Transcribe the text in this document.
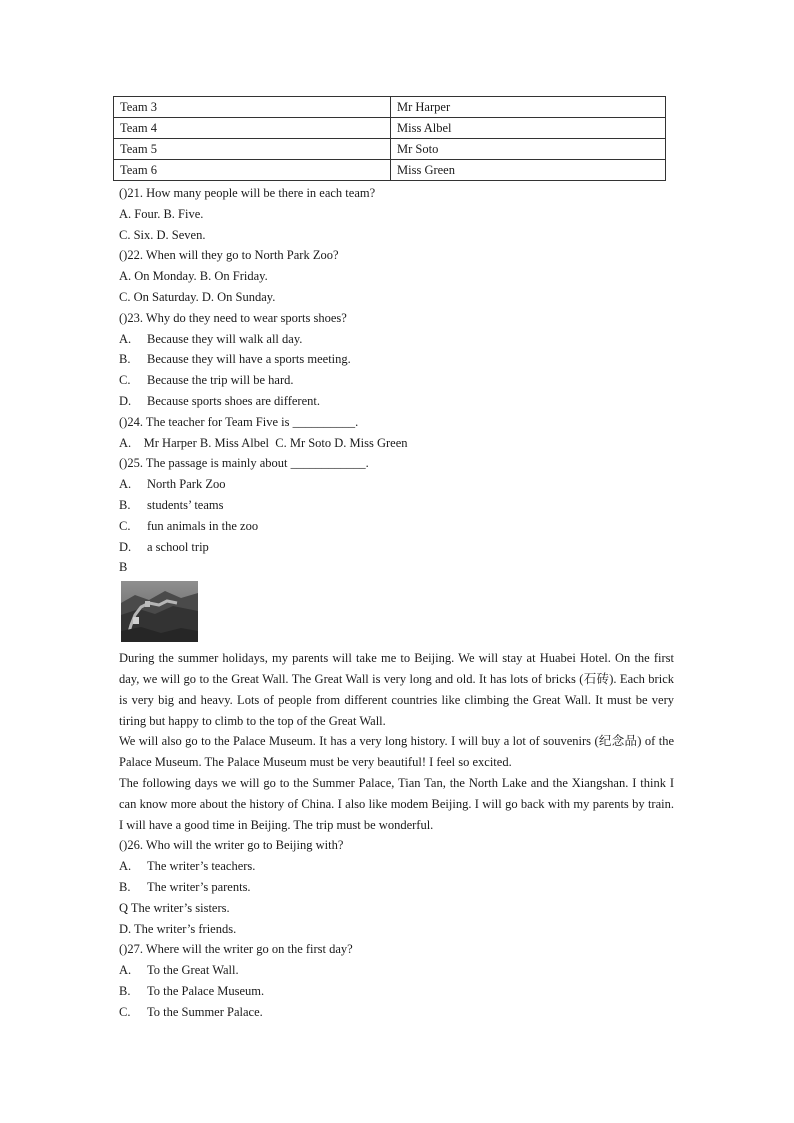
Team 3	Mr Harper
Team 4	Miss Albel
Team 5	Mr Soto
Team 6	Miss Green
()21. How many people will be there in each team?
A. Four. B. Five.
C. Six. D. Seven.
()22. When will they go to North Park Zoo?
A. On Monday. B. On Friday.
C. On Saturday. D. On Sunday.
()23. Why do they need to wear sports shoes?
A.	Because they will walk all day.
B.	Because they will have a sports meeting.
C.	Because the trip will be hard.
D.	Because sports shoes are different.
()24. The teacher for Team Five is __________.
A.    Mr Harper B. Miss Albel  C. Mr Soto D. Miss Green
()25. The passage is mainly about ____________.
A.	North Park Zoo
B.	students’ teams
C.	fun animals in the zoo
D.	a school trip
B
During the summer holidays, my parents will take me to Beijing. We will stay at Huabei Hotel. On the first day, we will go to the Great Wall. The Great Wall is very long and old. It has lots of bricks (石砖). Each brick is very big and heavy. Lots of people from different countries like climbing the Great Wall. It must be very tiring but happy to climb to the top of the Great Wall.
We will also go to the Palace Museum. It has a very long history. I will buy a lot of souvenirs (纪念品) of the Palace Museum. The Palace Museum must be very beautiful! I feel so excited.
The following days we will go to the Summer Palace, Tian Tan, the North Lake and the Xiangshan. I think I can know more about the history of China. I also like modem Beijing. I will go back with my parents by train. I will have a good time in Beijing. The trip must be wonderful.
()26. Who will the writer go to Beijing with?
A.	The writer’s teachers.
B.	The writer’s parents.
Q The writer’s sisters.
D. The writer’s friends.
()27. Where will the writer go on the first day?
A.	To the Great Wall.
B.	To the Palace Museum.
C.	To the Summer Palace.
